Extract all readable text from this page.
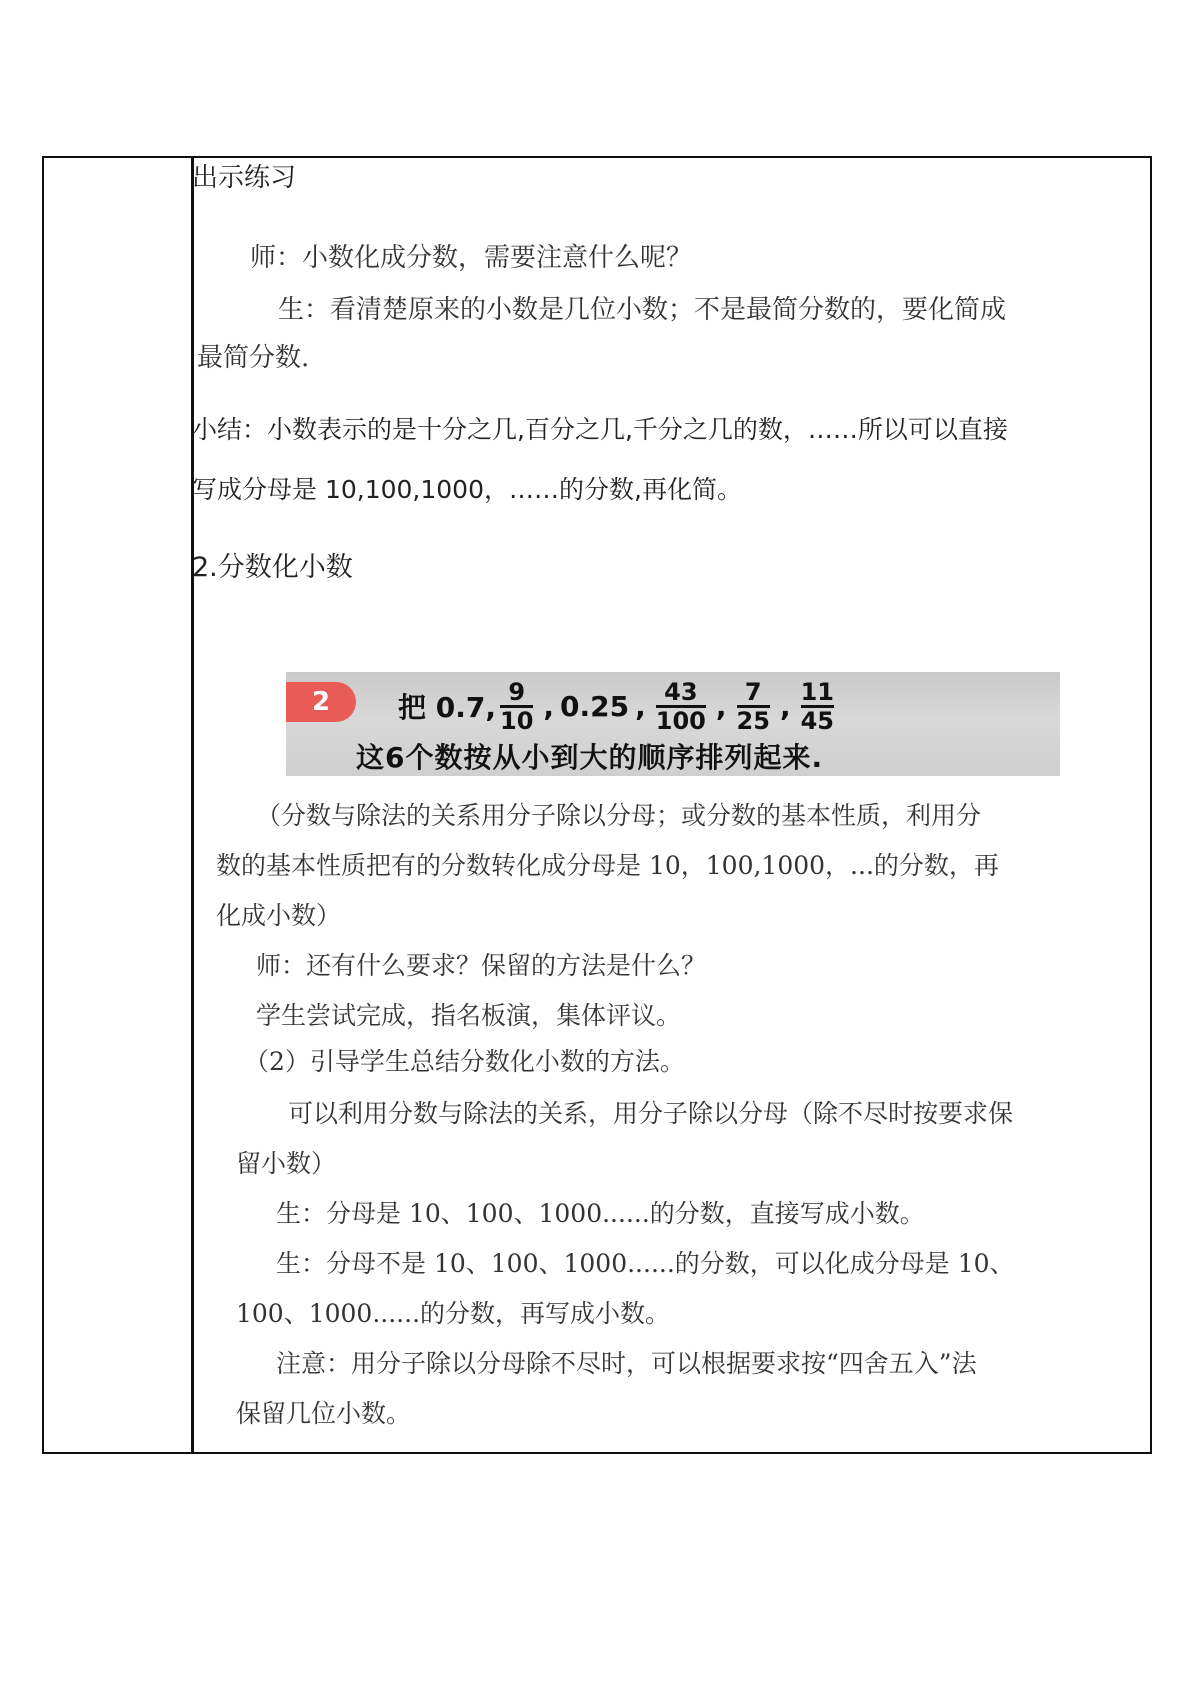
出示练习
师：小数化成分数，需要注意什么呢？
生：看清楚原来的小数是几位小数；不是最简分数的，要化简成
最简分数.
小结：小数表示的是十分之几,百分之几,千分之几的数，……所以可以直接
写成分母是 10,100,1000，……的分数,再化简。
2.分数化小数
2	把 0.7, $\frac{9}{10}$ , 0.25 , $\frac{43}{100}$ , $\frac{7}{25}$ , $\frac{11}{45}$
这6个数按从小到大的顺序排列起来.
（分数与除法的关系用分子除以分母；或分数的基本性质，利用分
数的基本性质把有的分数转化成分母是 10，100,1000，...的分数，再
化成小数）
师：还有什么要求？保留的方法是什么？
学生尝试完成，指名板演，集体评议。
（2）引导学生总结分数化小数的方法。
可以利用分数与除法的关系，用分子除以分母（除不尽时按要求保
留小数）
生：分母是 10、100、1000......的分数，直接写成小数。
生：分母不是 10、100、1000......的分数，可以化成分母是 10、
100、1000......的分数，再写成小数。
注意：用分子除以分母除不尽时，可以根据要求按“四舍五入”法
保留几位小数。
